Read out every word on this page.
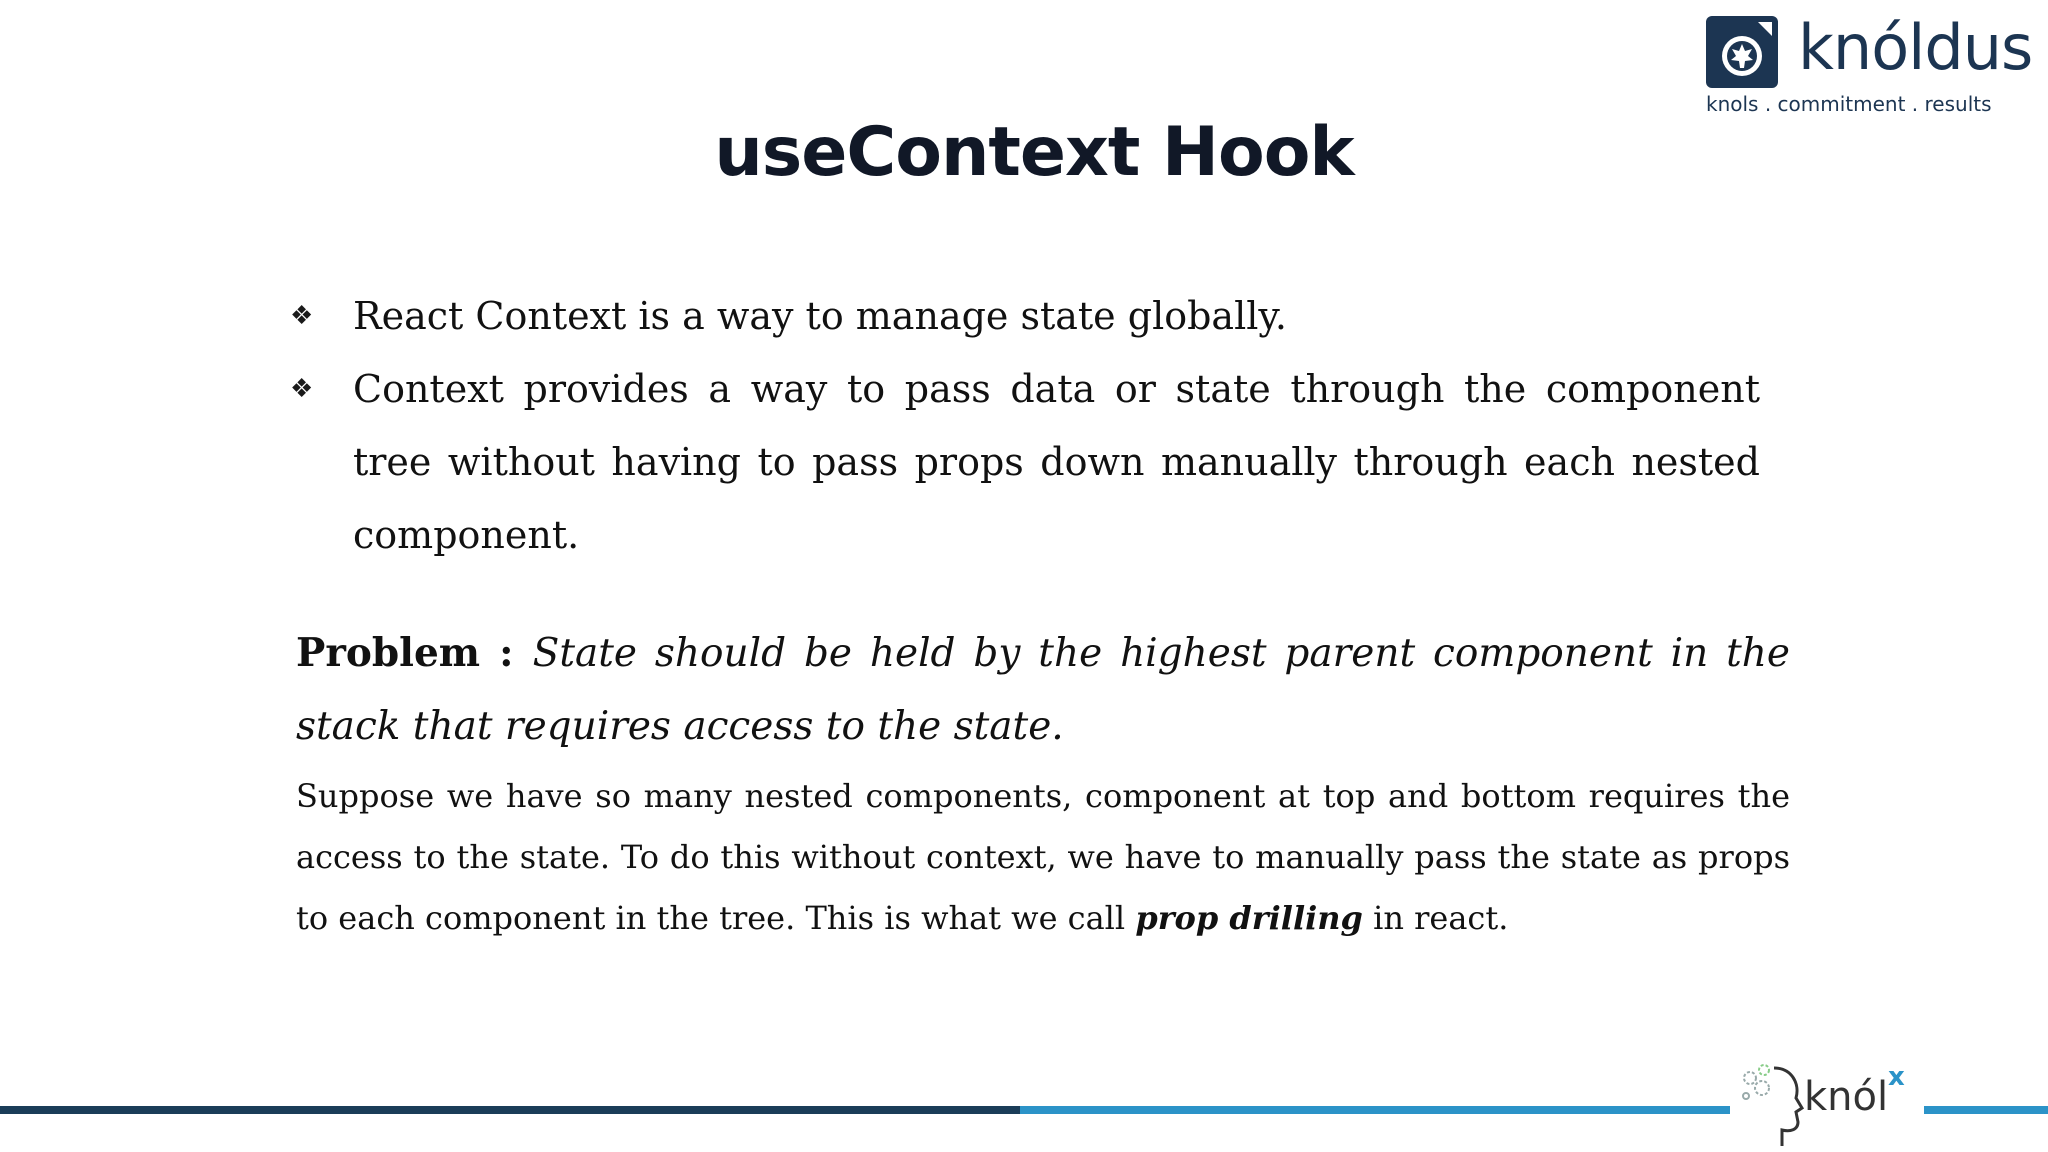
knóldus
knols . commitment . results
useContext Hook
❖ React Context is a way to manage state globally.
❖ Context provides a way to pass data or state through the component tree without having to pass props down manually through each nested component.
Problem : State should be held by the highest parent component in the stack that requires access to the state.
Suppose we have so many nested components, component at top and bottom requires the access to the state. To do this without context, we have to manually pass the state as props to each component in the tree. This is what we call prop drilling in react.
knól x
